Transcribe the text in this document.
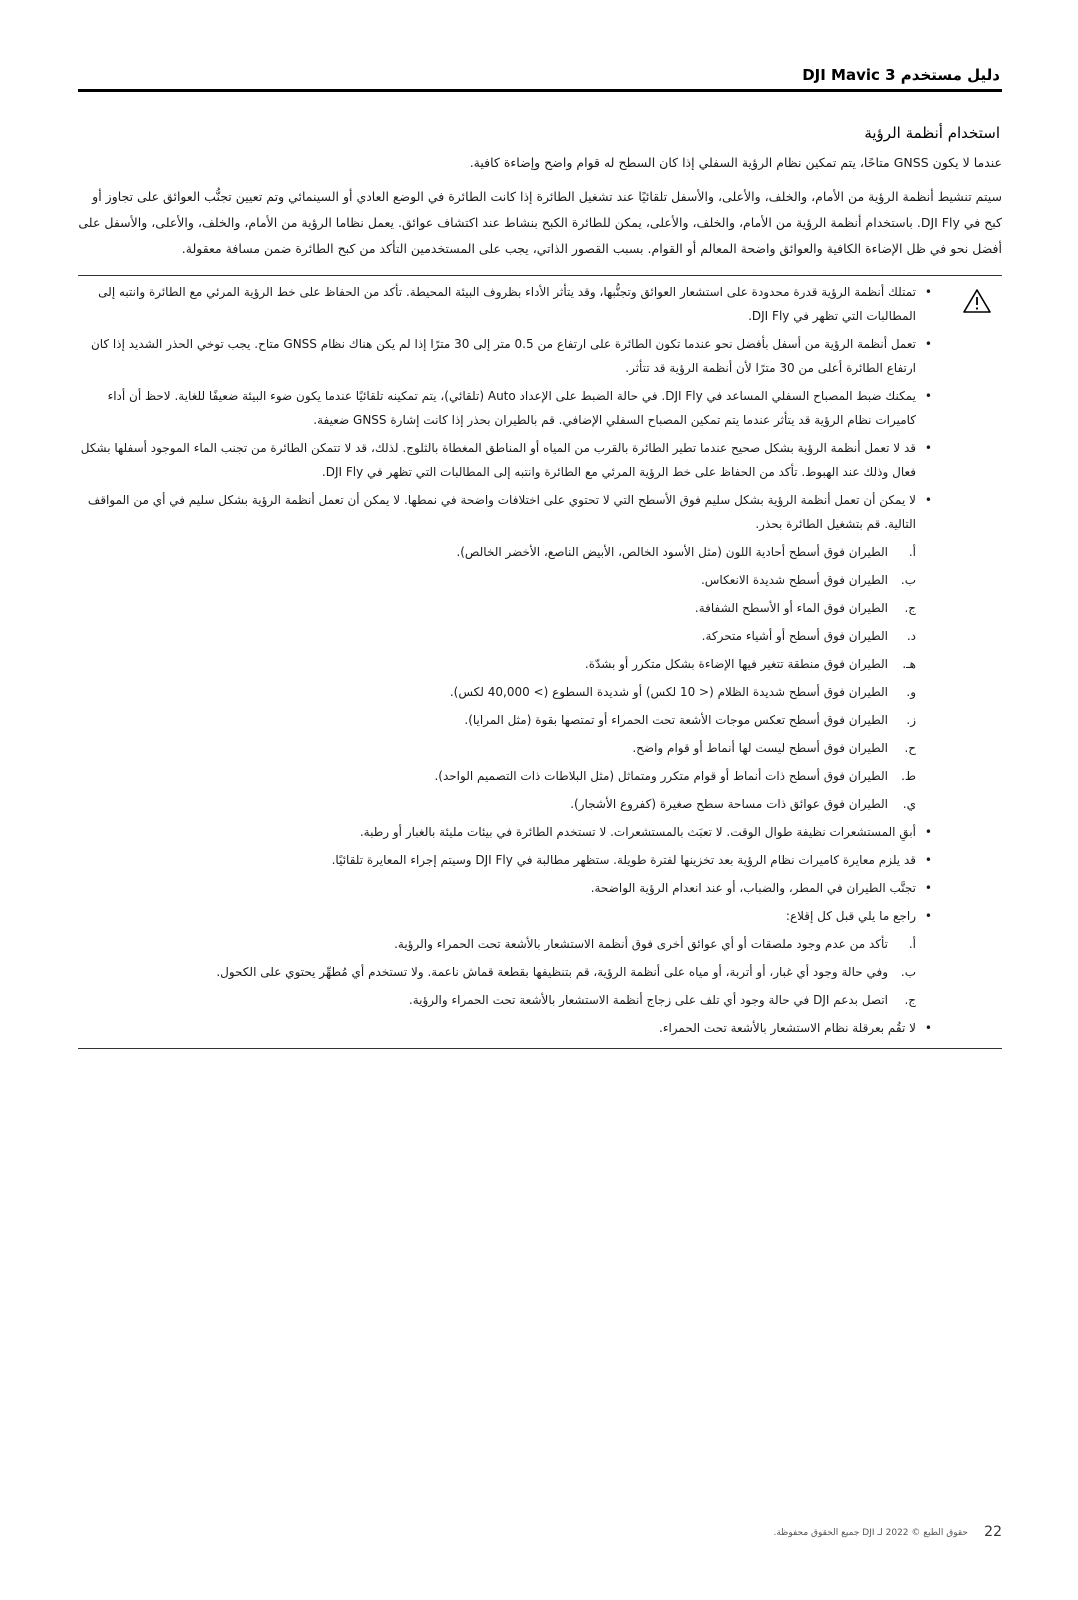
DJI Mavic 3 دليل مستخدم
استخدام أنظمة الرؤية

عندما لا يكون GNSS متاحًا، يتم تمكين نظام الرؤية السفلي إذا كان السطح له قوام واضح وإضاءة كافية.

سيتم تنشيط أنظمة الرؤية من الأمام، والخلف، والأعلى، والأسفل تلقائيًا عند تشغيل الطائرة إذا كانت الطائرة في الوضع العادي أو السينمائي وتم تعيين تجنُّب العوائق على تجاوز أو كبح في DJI Fly. باستخدام أنظمة الرؤية من الأمام، والخلف، والأعلى، يمكن للطائرة الكبح بنشاط عند اكتشاف عوائق. يعمل نظاما الرؤية من الأمام، والخلف، والأعلى، والأسفل على أفضل نحو في ظل الإضاءة الكافية والعوائق واضحة المعالم أو القوام. بسبب القصور الذاتي، يجب على المستخدمين التأكد من كبح الطائرة ضمن مسافة معقولة.

• تمتلك أنظمة الرؤية قدرة محدودة على استشعار العوائق وتجنُّبها، وقد يتأثر الأداء بظروف البيئة المحيطة. تأكد من الحفاظ على خط الرؤية المرئي مع الطائرة وانتبه إلى المطالبات التي تظهر في DJI Fly.
• تعمل أنظمة الرؤية من أسفل بأفضل نحو عندما تكون الطائرة على ارتفاع من 0.5 متر إلى 30 مترًا إذا لم يكن هناك نظام GNSS متاح. يجب توخي الحذر الشديد إذا كان ارتفاع الطائرة أعلى من 30 مترًا لأن أنظمة الرؤية قد تتأثر.
• يمكنك ضبط المصباح السفلي المساعد في DJI Fly. في حالة الضبط على الإعداد Auto (تلقائي)، يتم تمكينه تلقائيًا عندما يكون ضوء البيئة ضعيفًا للغاية. لاحظ أن أداء كاميرات نظام الرؤية قد يتأثر عندما يتم تمكين المصباح السفلي الإضافي. قم بالطيران بحذر إذا كانت إشارة GNSS ضعيفة.
• قد لا تعمل أنظمة الرؤية بشكل صحيح عندما تطير الطائرة بالقرب من المياه أو المناطق المغطاة بالثلوج. لذلك، قد لا تتمكن الطائرة من تجنب الماء الموجود أسفلها بشكل فعال وذلك عند الهبوط. تأكد من الحفاظ على خط الرؤية المرئي مع الطائرة وانتبه إلى المطالبات التي تظهر في DJI Fly.
• لا يمكن أن تعمل أنظمة الرؤية بشكل سليم فوق الأسطح التي لا تحتوي على اختلافات واضحة في نمطها. لا يمكن أن تعمل أنظمة الرؤية بشكل سليم في أي من المواقف التالية. قم بتشغيل الطائرة بحذر.
أ.
الطيران فوق أسطح أحادية اللون (مثل الأسود الخالص، الأبيض الناصع، الأخضر الخالص).
ب.
الطيران فوق أسطح شديدة الانعكاس.
ج.
الطيران فوق الماء أو الأسطح الشفافة.
د.
الطيران فوق أسطح أو أشياء متحركة.
هـ.
الطيران فوق منطقة تتغير فيها الإضاءة بشكل متكرر أو بشدّة.
و.
الطيران فوق أسطح شديدة الظلام (< 10 لكس) أو شديدة السطوع (> 40,000 لكس).
ز.
الطيران فوق أسطح تعكس موجات الأشعة تحت الحمراء أو تمتصها بقوة (مثل المرايا).
ح.
الطيران فوق أسطح ليست لها أنماط أو قوام واضح.
ط.
الطيران فوق أسطح ذات أنماط أو قوام متكرر ومتماثل (مثل البلاطات ذات التصميم الواحد).
ي.
الطيران فوق عوائق ذات مساحة سطح صغيرة (كفروع الأشجار).
• أبقِ المستشعرات نظيفة طوال الوقت. لا تعبَث بالمستشعرات. لا تستخدم الطائرة في بيئات مليئة بالغبار أو رطبة.
• قد يلزم معايرة كاميرات نظام الرؤية بعد تخزينها لفترة طويلة. ستظهر مطالبة في DJI Fly وسيتم إجراء المعايرة تلقائيًا.
• تجنَّب الطيران في المطر، والضباب، أو عند انعدام الرؤية الواضحة.
• راجع ما يلي قبل كل إقلاع:
أ.
تأكد من عدم وجود ملصقات أو أي عوائق أخرى فوق أنظمة الاستشعار بالأشعة تحت الحمراء والرؤية.
ب.
وفي حالة وجود أي غبار، أو أتربة، أو مياه على أنظمة الرؤية، قم بتنظيفها بقطعة قماش ناعمة. ولا تستخدم أي مُطهِّر يحتوي على الكحول.
ج.
اتصل بدعم DJI في حالة وجود أي تلف على زجاج أنظمة الاستشعار بالأشعة تحت الحمراء والرؤية.
• لا تقُم بعرقلة نظام الاستشعار بالأشعة تحت الحمراء.
22
حقوق الطبع © 2022 لـ DJI جميع الحقوق محفوظة.
